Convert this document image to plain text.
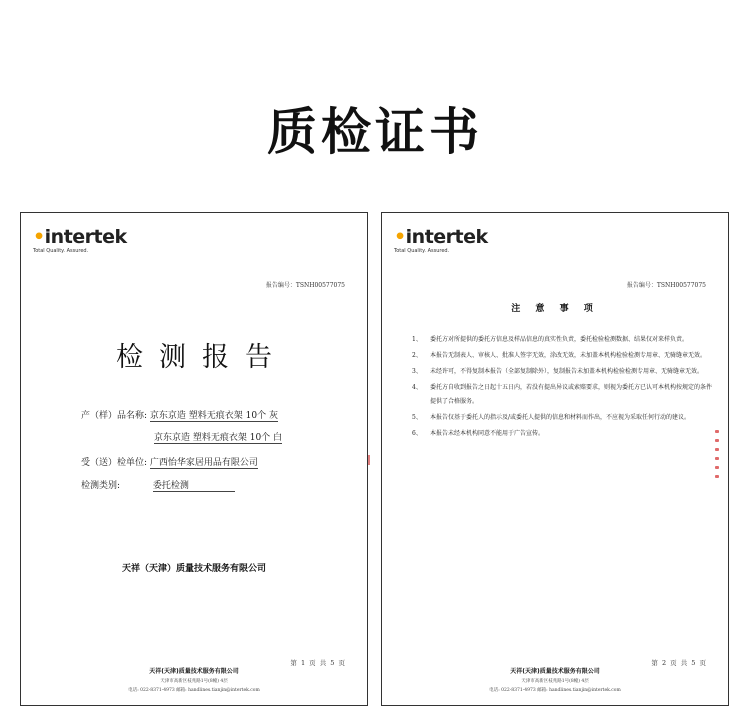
质检证书
•intertek
Total Quality. Assured.
报告编号：TSNH00577075
检测报告
产（样）品名称: 京东京造 塑料无痕衣架 10个 灰
京东京造 塑料无痕衣架 10个 白
受（送）检单位: 广西怡华家居用品有限公司
检测类别:	委托检测
天祥（天津）质量技术服务有限公司
第 1 页 共 5 页
天祥(天津)质量技术服务有限公司
天津市高新区枝兆路1号(8幢) 4层
电话: 022-8371-4973 邮箱: handlines.tianjin@intertek.com
•intertek
Total Quality. Assured.
报告编号：TSNH00577075
注 意 事 项
1、 委托方对所提供的委托方信息及样品信息的真实性负责，委托检验检测数据、结果仅对来样负责。
2、 本报告无制表人、审核人、批准人签字无效，涂改无效，未加盖本机构检验检测专用章、无骑缝章无效。
3、 未经许可，不得复制本报告（全部复制除外），复制报告未加盖本机构检验检测专用章、无骑缝章无效。
4、 委托方自收到报告之日起十五日内，若没有提出异议或索赔要求，则视为委托方已认可本机构按规定的条件提供了合格服务。
5、 本报告仅基于委托人的指示及/或委托人提供的信息和材料而作出，不应视为采取任何行动的建议。
6、 本报告未经本机构同意不能用于广告宣传。
第 2 页 共 5 页
天祥(天津)质量技术服务有限公司
天津市高新区枝兆路1号(8幢) 4层
电话: 022-8371-4973 邮箱: handlines.tianjin@intertek.com
